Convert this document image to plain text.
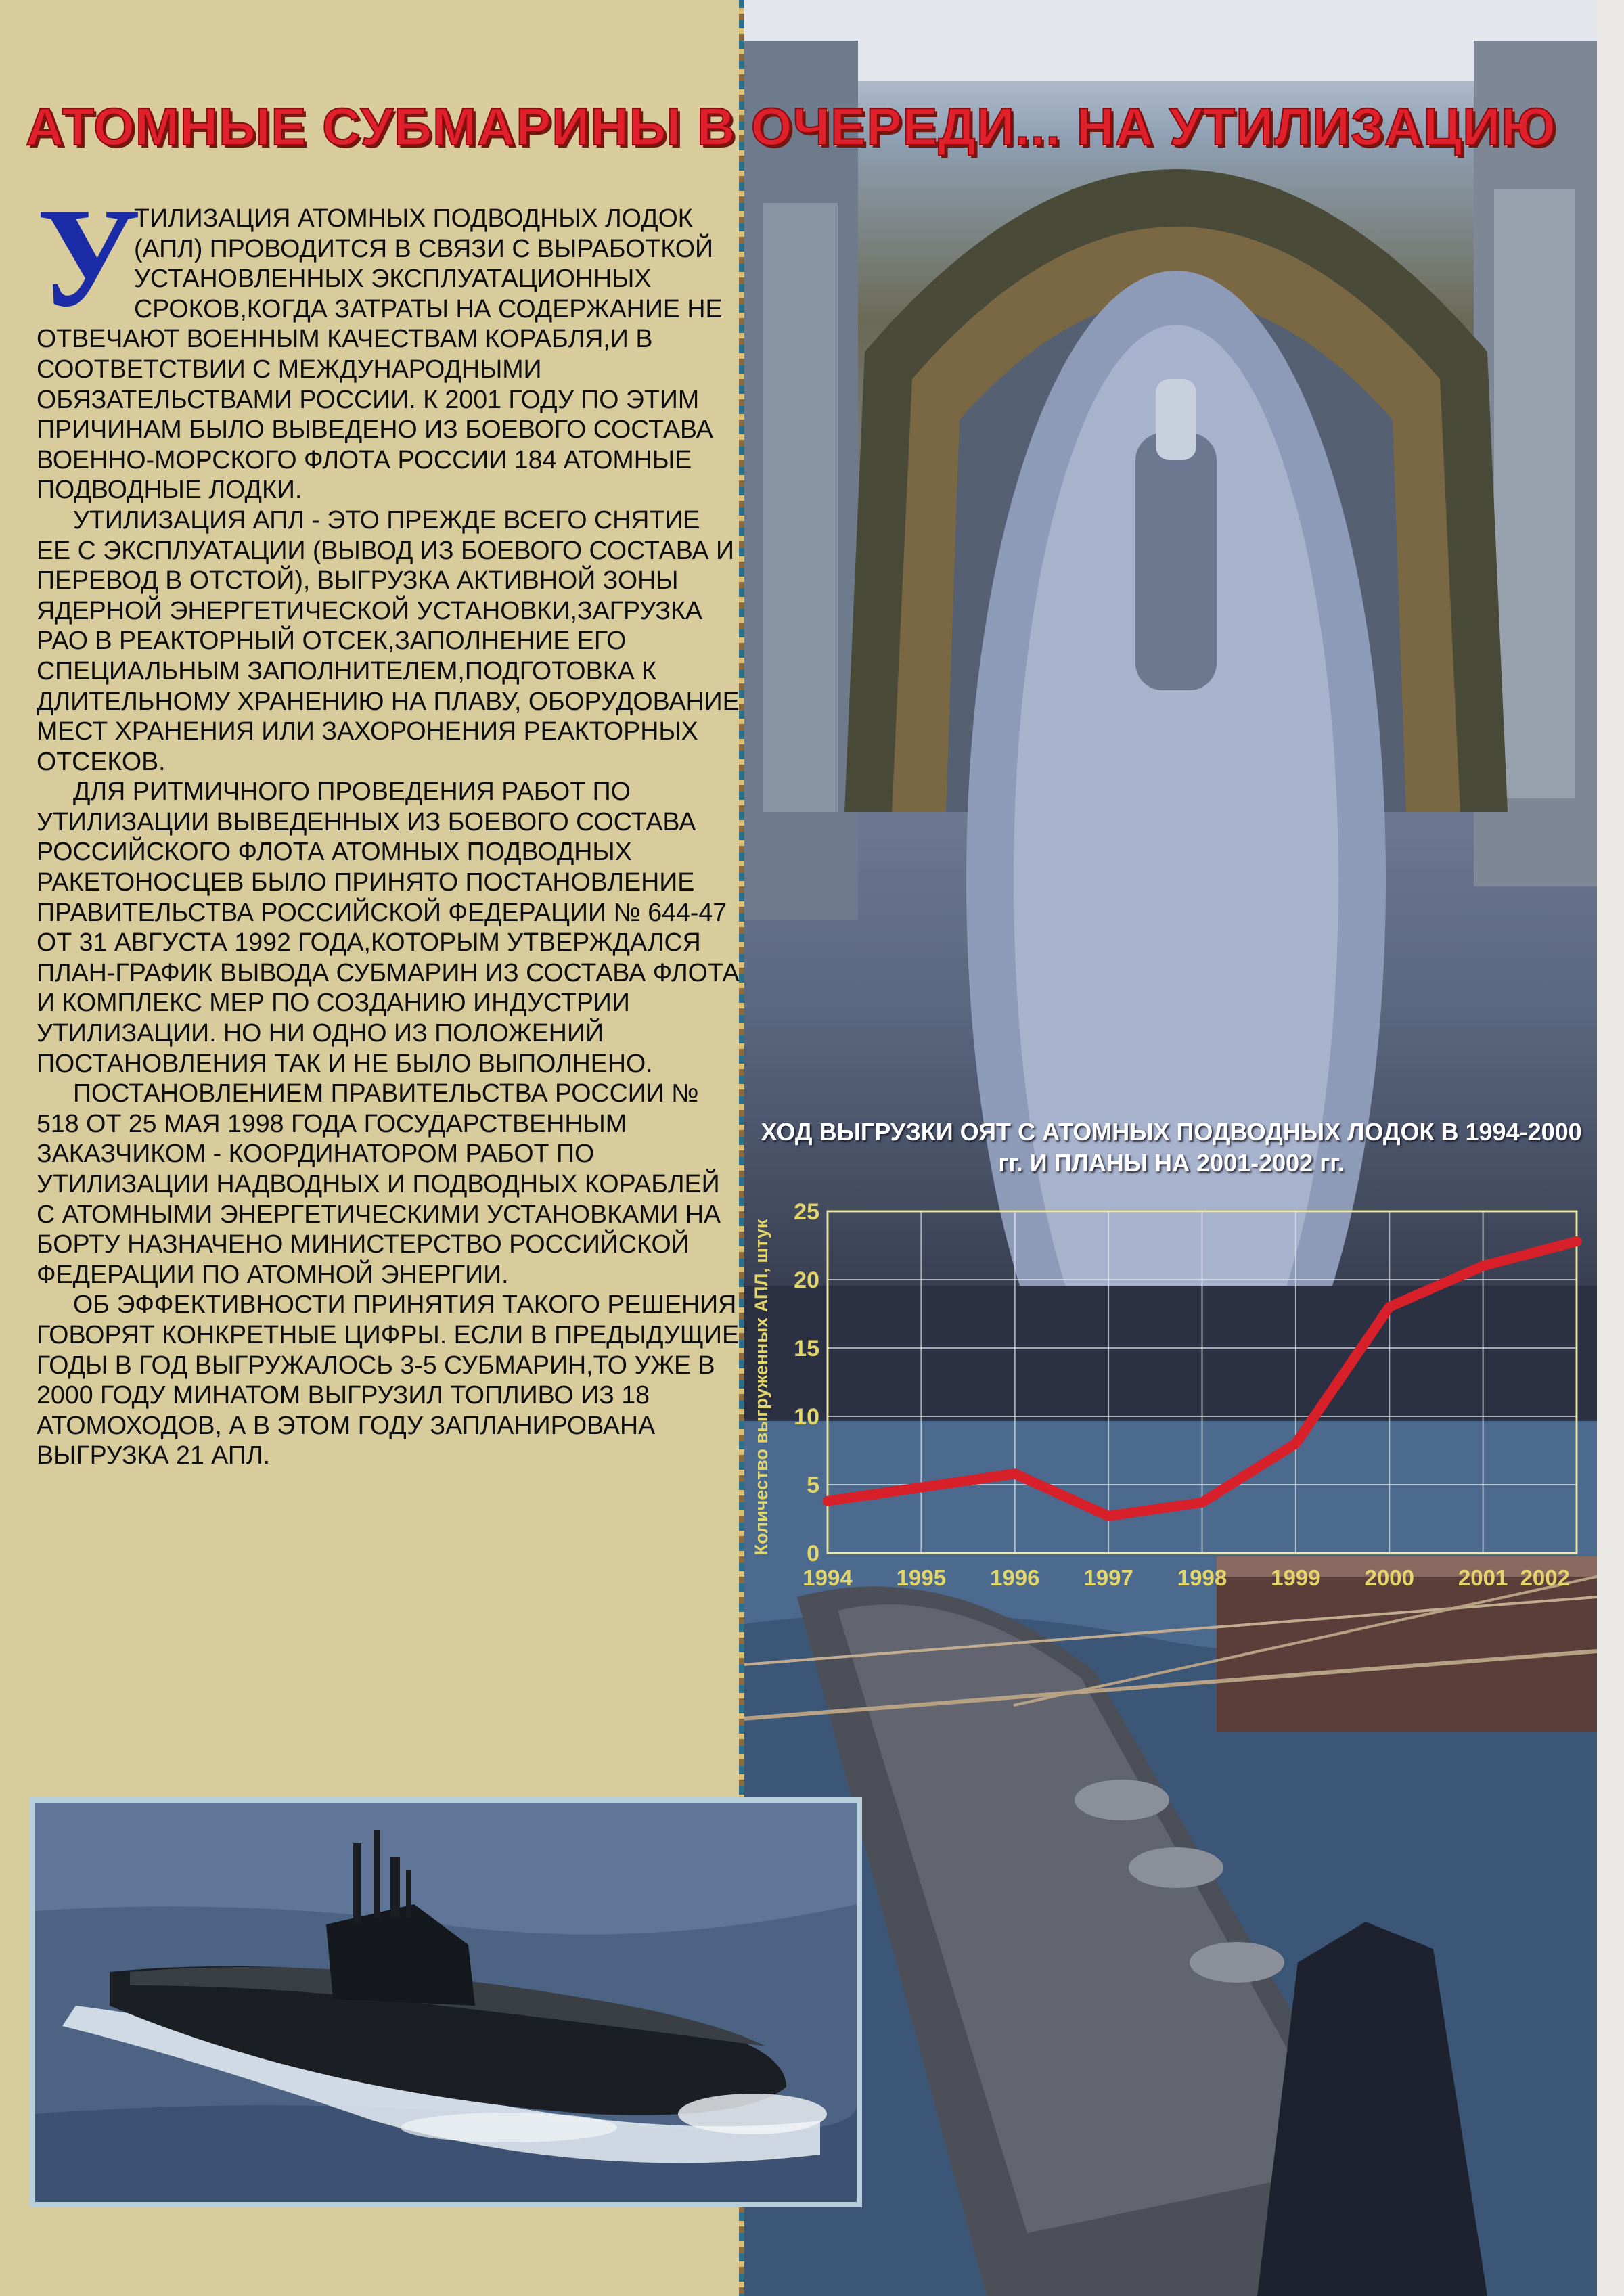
АТОМНЫЕ СУБМАРИНЫ В ОЧЕРЕДИ... НА УТИЛИЗАЦИЮ

У
ТИЛИЗАЦИЯ АТОМНЫХ ПОДВОДНЫХ ЛОДОК (АПЛ) ПРОВОДИТСЯ В СВЯЗИ С ВЫРАБОТКОЙ УСТАНОВЛЕННЫХ ЭКСПЛУАТАЦИОННЫХ СРОКОВ,КОГДА ЗАТРАТЫ НА СОДЕРЖАНИЕ НЕ ОТВЕЧАЮТ ВОЕННЫМ КАЧЕСТВАМ КОРАБЛЯ,И В СООТВЕТСТВИИ С МЕЖДУНАРОДНЫМИ ОБЯЗАТЕЛЬСТВАМИ РОССИИ. К 2001 ГОДУ ПО ЭТИМ ПРИЧИНАМ БЫЛО ВЫВЕДЕНО ИЗ БОЕВОГО СОСТАВА ВОЕННО-МОРСКОГО ФЛОТА РОССИИ 184 АТОМНЫЕ ПОДВОДНЫЕ ЛОДКИ.

УТИЛИЗАЦИЯ АПЛ - ЭТО ПРЕЖДЕ ВСЕГО СНЯТИЕ ЕЕ С ЭКСПЛУАТАЦИИ (ВЫВОД ИЗ БОЕВОГО СОСТАВА И ПЕРЕВОД В ОТСТОЙ), ВЫГРУЗКА АКТИВНОЙ ЗОНЫ ЯДЕРНОЙ ЭНЕРГЕТИЧЕСКОЙ УСТАНОВКИ,ЗАГРУЗКА РАО В РЕАКТОРНЫЙ ОТСЕК,ЗАПОЛНЕНИЕ ЕГО СПЕЦИАЛЬНЫМ ЗАПОЛНИТЕЛЕМ,ПОДГОТОВКА К ДЛИТЕЛЬНОМУ ХРАНЕНИЮ НА ПЛАВУ, ОБОРУДОВАНИЕ МЕСТ ХРАНЕНИЯ ИЛИ ЗАХОРОНЕНИЯ РЕАКТОРНЫХ ОТСЕКОВ.

ДЛЯ РИТМИЧНОГО ПРОВЕДЕНИЯ РАБОТ ПО УТИЛИЗАЦИИ ВЫВЕДЕННЫХ ИЗ БОЕВОГО СОСТАВА РОССИЙСКОГО ФЛОТА АТОМНЫХ ПОДВОДНЫХ РАКЕТОНОСЦЕВ БЫЛО ПРИНЯТО ПОСТАНОВЛЕНИЕ ПРАВИТЕЛЬСТВА РОССИЙСКОЙ ФЕДЕРАЦИИ № 644-47 ОТ 31 АВГУСТА 1992 ГОДА,КОТОРЫМ УТВЕРЖДАЛСЯ ПЛАН-ГРАФИК ВЫВОДА СУБМАРИН ИЗ СОСТАВА ФЛОТА И КОМПЛЕКС МЕР ПО СОЗДАНИЮ ИНДУСТРИИ УТИЛИЗАЦИИ. НО НИ ОДНО ИЗ ПОЛОЖЕНИЙ ПОСТАНОВЛЕНИЯ ТАК И НЕ БЫЛО ВЫПОЛНЕНО.

ПОСТАНОВЛЕНИЕМ ПРАВИТЕЛЬСТВА РОССИИ № 518 ОТ 25 МАЯ 1998 ГОДА ГОСУДАРСТВЕННЫМ ЗАКАЗЧИКОМ - КООРДИНАТОРОМ РАБОТ ПО УТИЛИЗАЦИИ НАДВОДНЫХ И ПОДВОДНЫХ КОРАБЛЕЙ С АТОМНЫМИ ЭНЕРГЕТИЧЕСКИМИ УСТАНОВКАМИ НА БОРТУ НАЗНАЧЕНО МИНИСТЕРСТВО РОССИЙСКОЙ ФЕДЕРАЦИИ ПО АТОМНОЙ ЭНЕРГИИ.

ОБ ЭФФЕКТИВНОСТИ ПРИНЯТИЯ ТАКОГО РЕШЕНИЯ ГОВОРЯТ КОНКРЕТНЫЕ ЦИФРЫ. ЕСЛИ В ПРЕДЫДУЩИЕ ГОДЫ В ГОД ВЫГРУЖАЛОСЬ 3-5 СУБМАРИН,ТО УЖЕ В 2000 ГОДУ МИНАТОМ ВЫГРУЗИЛ ТОПЛИВО ИЗ 18 АТОМОХОДОВ, А В ЭТОМ ГОДУ ЗАПЛАНИРОВАНА ВЫГРУЗКА 21 АПЛ.

ХОД ВЫГРУЗКИ ОЯТ С АТОМНЫХ ПОДВОДНЫХ ЛОДОК В 1994-2000 гг. И ПЛАНЫ НА 2001-2002 гг.
0
5
10
15
20
25
1994 1995 1996 1997 1998 1999 2000 2001 2002
Количество выгруженных АПЛ, штук
